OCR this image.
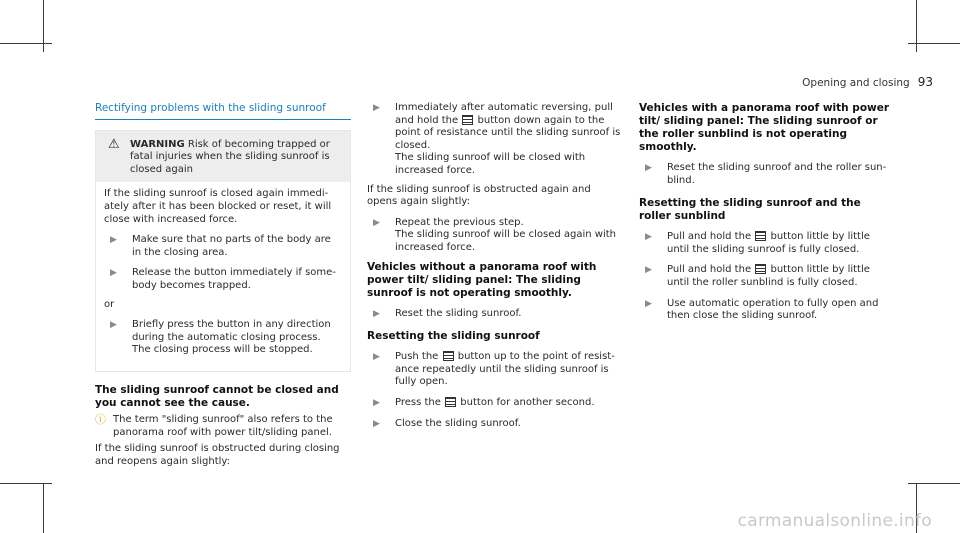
Opening and closing 93
Rectifying problems with the sliding sunroof
⚠	WARNING Risk of becoming trapped or fatal injuries when the sliding sunroof is closed again
If the sliding sunroof is closed again immediately after it has been blocked or reset, it will close with increased force.
▶	Make sure that no parts of the body are in the closing area.
▶	Release the button immediately if somebody becomes trapped.
or
▶	Briefly press the button in any direction during the automatic closing process. The closing process will be stopped.
The sliding sunroof cannot be closed and you cannot see the cause.
ⓘ The term "sliding sunroof" also refers to the panorama roof with power tilt/sliding panel.
If the sliding sunroof is obstructed during closing and reopens again slightly:
▶	Immediately after automatic reversing, pull and hold the button down again to the point of resistance until the sliding sunroof is closed.
The sliding sunroof will be closed with increased force.
If the sliding sunroof is obstructed again and opens again slightly:
▶	Repeat the previous step.
The sliding sunroof will be closed again with increased force.
Vehicles without a panorama roof with power tilt/ sliding panel: The sliding sunroof is not operating smoothly.
▶	Reset the sliding sunroof.
Resetting the sliding sunroof
▶	Push the button up to the point of resistance repeatedly until the sliding sunroof is fully open.
▶	Press the button for another second.
▶	Close the sliding sunroof.
Vehicles with a panorama roof with power tilt/ sliding panel: The sliding sunroof or the roller sunblind is not operating smoothly.
▶	Reset the sliding sunroof and the roller sunblind.
Resetting the sliding sunroof and the roller sunblind
▶	Pull and hold the button little by little until the sliding sunroof is fully closed.
▶	Pull and hold the button little by little until the roller sunblind is fully closed.
▶	Use automatic operation to fully open and then close the sliding sunroof.
carmanualsonline.info
